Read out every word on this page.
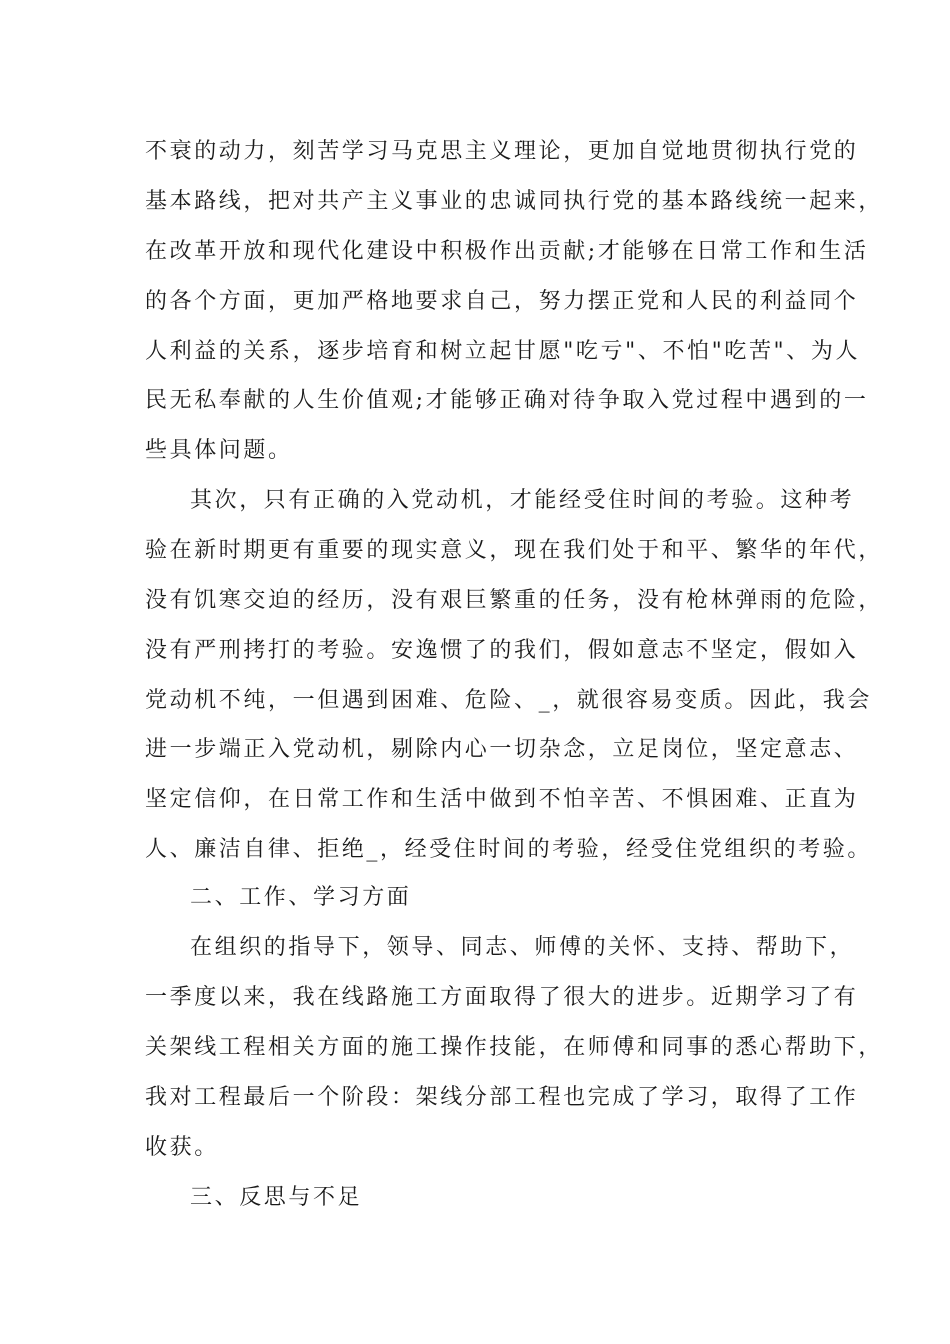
不衰的动力，刻苦学习马克思主义理论，更加自觉地贯彻执行党的
基本路线，把对共产主义事业的忠诚同执行党的基本路线统一起来，
在改革开放和现代化建设中积极作出贡献;才能够在日常工作和生活
的各个方面，更加严格地要求自己，努力摆正党和人民的利益同个
人利益的关系，逐步培育和树立起甘愿"吃亏"、不怕"吃苦"、为人
民无私奉献的人生价值观;才能够正确对待争取入党过程中遇到的一
些具体问题。
其次，只有正确的入党动机，才能经受住时间的考验。这种考
验在新时期更有重要的现实意义，现在我们处于和平、繁华的年代，
没有饥寒交迫的经历，没有艰巨繁重的任务，没有枪林弹雨的危险，
没有严刑拷打的考验。安逸惯了的我们，假如意志不坚定，假如入
党动机不纯，一但遇到困难、危险、_，就很容易变质。因此，我会
进一步端正入党动机，剔除内心一切杂念，立足岗位，坚定意志、
坚定信仰，在日常工作和生活中做到不怕辛苦、不惧困难、正直为
人、廉洁自律、拒绝_，经受住时间的考验，经受住党组织的考验。
二、工作、学习方面
在组织的指导下，领导、同志、师傅的关怀、支持、帮助下，
一季度以来，我在线路施工方面取得了很大的进步。近期学习了有
关架线工程相关方面的施工操作技能，在师傅和同事的悉心帮助下，
我对工程最后一个阶段：架线分部工程也完成了学习，取得了工作
收获。
三、反思与不足
